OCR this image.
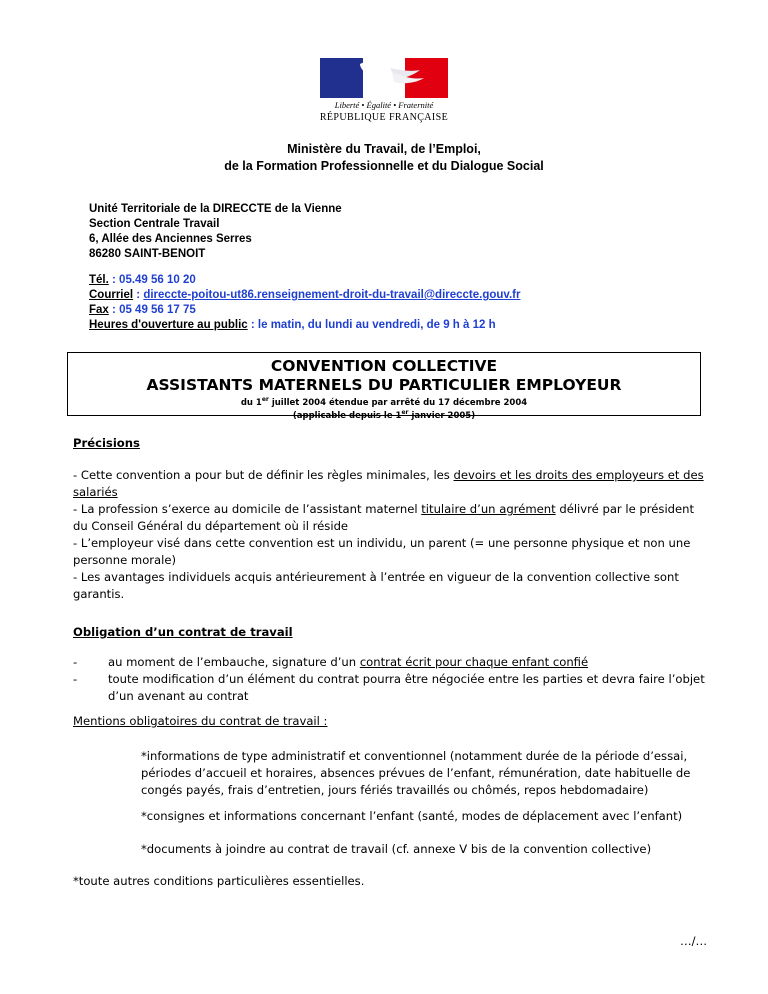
Liberté • Égalité • Fraternité
RÉPUBLIQUE FRANÇAISE
Ministère du Travail, de l’Emploi,
de la Formation Professionnelle et du Dialogue Social
Unité Territoriale de la DIRECCTE de la Vienne
Section Centrale Travail
6, Allée des Anciennes Serres
86280 SAINT-BENOIT
Tél. : 05.49 56 10 20
Courriel : direccte-poitou-ut86.renseignement-droit-du-travail@direccte.gouv.fr
Fax : 05 49 56 17 75
Heures d'ouverture au public : le matin, du lundi au vendredi, de 9 h à 12 h
CONVENTION COLLECTIVE
ASSISTANTS MATERNELS DU PARTICULIER EMPLOYEUR
du 1er juillet 2004 étendue par arrêté du 17 décembre 2004
(applicable depuis le 1er janvier 2005)
Précisions
- Cette convention a pour but de définir les règles minimales, les devoirs et les droits des employeurs et des salariés
- La profession s’exerce au domicile de l’assistant maternel titulaire d’un agrément délivré par le président du Conseil Général du département où il réside
- L’employeur visé dans cette convention est un individu, un parent (= une personne physique et non une personne morale)
- Les avantages individuels acquis antérieurement à l’entrée en vigueur de la convention collective sont garantis.
Obligation d’un contrat de travail
-	au moment de l’embauche, signature d’un contrat écrit pour chaque enfant confié
-	toute modification d’un élément du contrat pourra être négociée entre les parties et devra faire l’objet d’un avenant au contrat
Mentions obligatoires du contrat de travail :
*informations de type administratif et conventionnel (notamment durée de la période d’essai, périodes d’accueil et horaires, absences prévues de l’enfant, rémunération, date habituelle de congés payés, frais d’entretien, jours fériés travaillés ou chômés, repos hebdomadaire)
*consignes et informations concernant l’enfant (santé, modes de déplacement avec l’enfant)
*documents à joindre au contrat de travail (cf. annexe V bis de la convention collective)
*toute autres conditions particulières essentielles.
…/…
